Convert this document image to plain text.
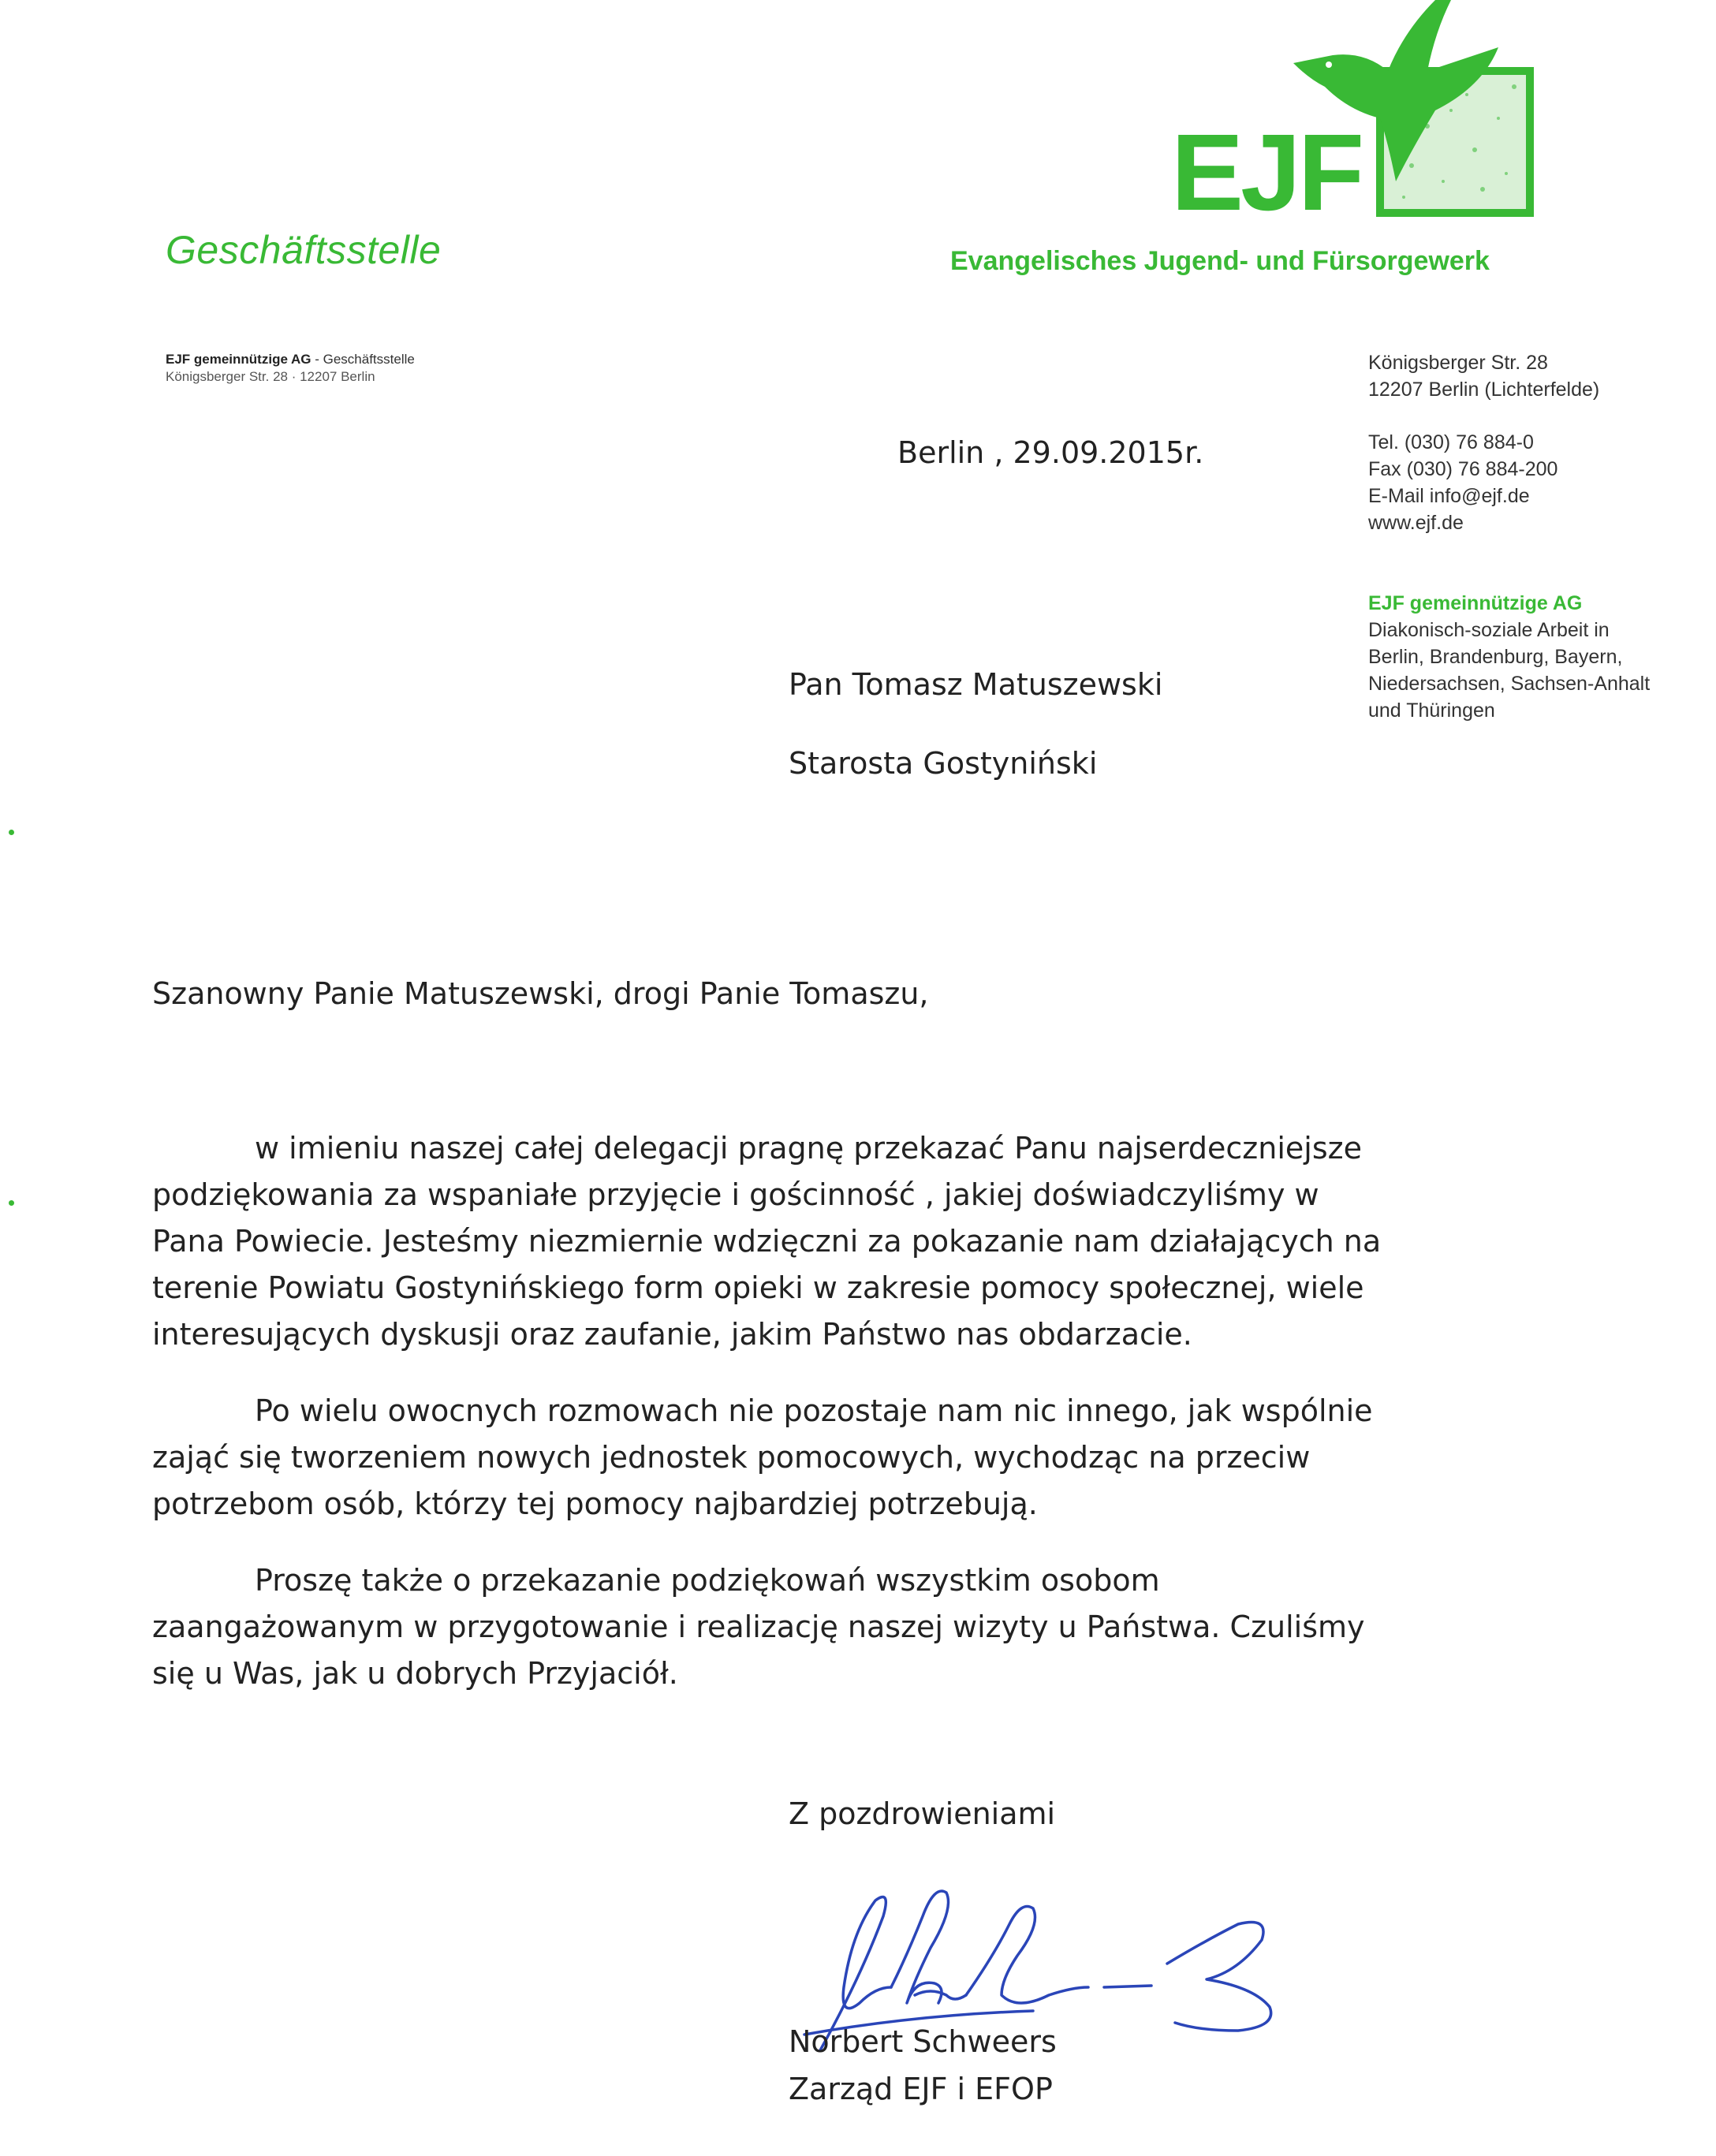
Geschäftsstelle
EJF
Evangelisches Jugend- und Fürsorgewerk
EJF gemeinnützige AG - Geschäftsstelle
Königsberger Str. 28 · 12207 Berlin
Königsberger Str. 28
12207 Berlin (Lichterfelde)
Tel. (030) 76 884-0
Fax (030) 76 884-200
E-Mail info@ejf.de
www.ejf.de
EJF gemeinnützige AG
Diakonisch-soziale Arbeit in
Berlin, Brandenburg, Bayern,
Niedersachsen, Sachsen-Anhalt
und Thüringen
Berlin , 29.09.2015r.
Pan Tomasz Matuszewski
Starosta Gostyniński
Szanowny Panie Matuszewski, drogi Panie Tomaszu,
w imieniu naszej całej delegacji pragnę przekazać Panu najserdeczniejsze
podziękowania za wspaniałe przyjęcie i gościnność , jakiej doświadczyliśmy w
Pana Powiecie. Jesteśmy niezmiernie wdzięczni za pokazanie nam działających na
terenie Powiatu Gostynińskiego form opieki w zakresie pomocy społecznej, wiele
interesujących dyskusji oraz zaufanie, jakim Państwo nas obdarzacie.
Po wielu owocnych rozmowach nie pozostaje nam nic innego, jak wspólnie
zająć się tworzeniem nowych jednostek pomocowych, wychodząc na przeciw
potrzebom osób, którzy tej pomocy najbardziej potrzebują.
Proszę także o przekazanie podziękowań wszystkim osobom
zaangażowanym w przygotowanie i realizację naszej wizyty u Państwa. Czuliśmy
się u Was, jak u dobrych Przyjaciół.
Z pozdrowieniami
Norbert Schweers
Zarząd EJF i EFOP
